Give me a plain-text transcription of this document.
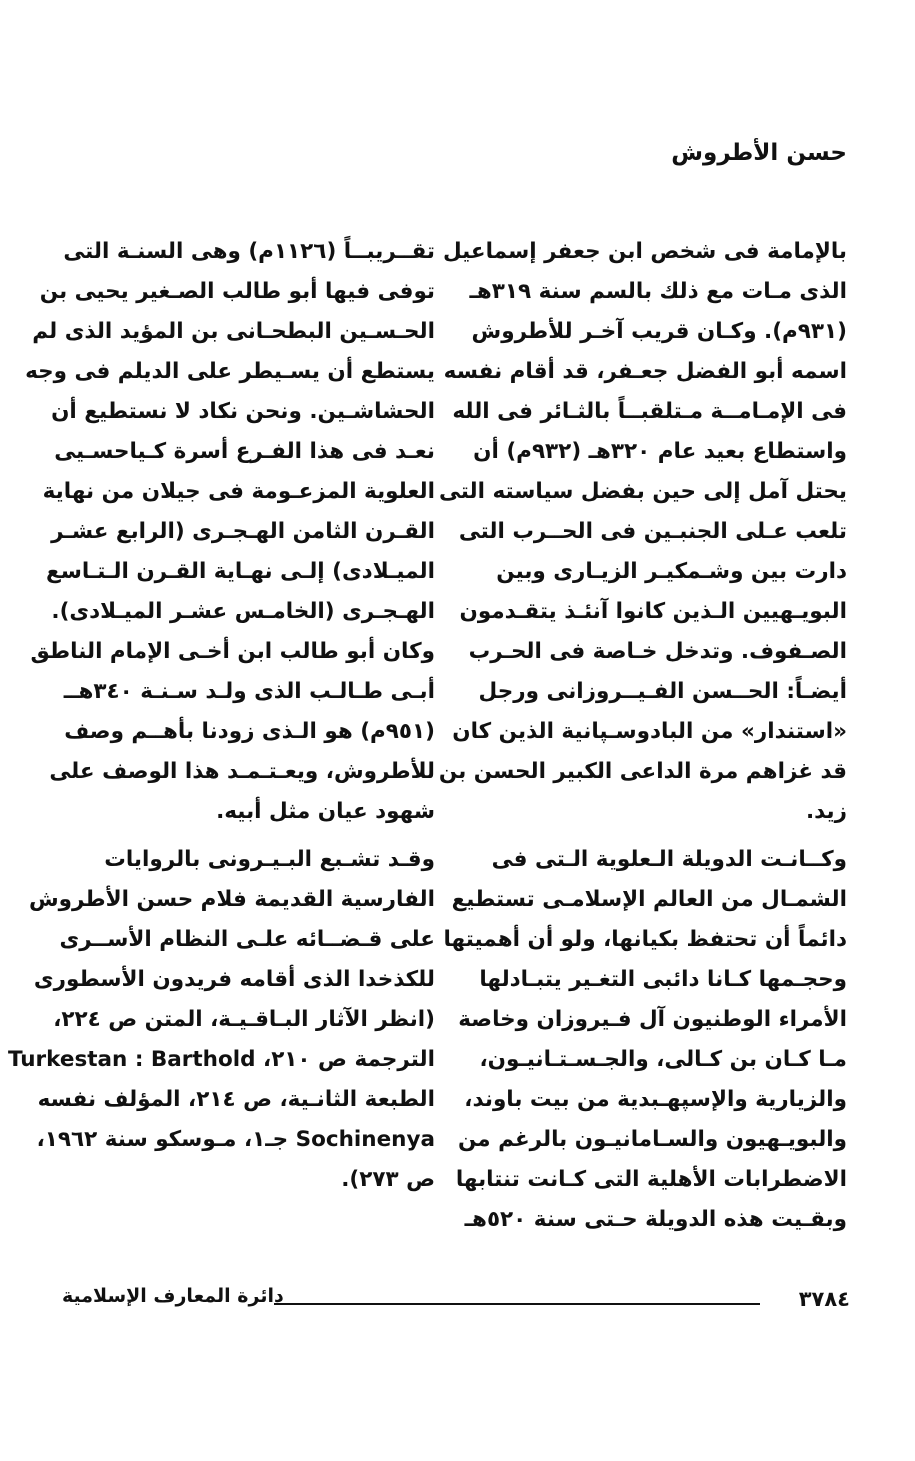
حسن الأطروش
بالإمامة فى شخص ابن جعفر إسماعيل
الذى مـات مع ذلك بالسم سنة ٣١٩هـ
(٩٣١م). وكـان قريب آخـر للأطروش
اسمه أبو الفضل جعـفر، قد أقام نفسه
فى الإمـامــة مـتلقبــاً بالثـائر فى الله
واستطاع بعيد عام ٣٢٠هـ (٩٣٢م) أن
يحتل آمل إلى حين بفضل سياسته التى
تلعب عـلى الجنبـين فى الحــرب التى
دارت بين وشـمكيـر الزيـارى وبين
البويـهيين الـذين كانوا آنئـذ يتقـدمون
الصـفوف. وتدخل خـاصة فى الحـرب
أيضـاً: الحــسن الفـيــروزانى ورجل
«استندار» من البادوسـپانية الذين كان
قد غزاهم مرة الداعى الكبير الحسن بن
زيد.
وكــانـت الدويلة الـعلوية الـتى فى
الشمـال من العالم الإسلامـى تستطيع
دائماً أن تحتفظ بكيانها، ولو أن أهميتها
وحجـمها كـانا دائبى التغـير يتبـادلها
الأمراء الوطنيون آل فـيروزان وخاصة
مـا كـان بن كـالى، والجـسـتـانيـون،
والزيارية والإسپهـبدية من بيت باوند،
والبويـهيون والسـامانيـون بالرغم من
الاضطرابات الأهلية التى كـانت تنتابها
وبقـيت هذه الدويلة حـتى سنة ٥٢٠هـ
تقــريبــاً (١١٢٦م) وهى السنـة التى
توفى فيها أبو طالب الصـغير يحيى بن
الحـسـين البطحـانى بن المؤيد الذى لم
يستطع أن يسـيطر على الديلم فى وجه
الحشاشـين. ونحن نكاد لا نستطيع أن
نعـد فى هذا الفـرع أسرة كـياحسـيى
العلوية المزعـومة فى جيلان من نهاية
القـرن الثامن الهـجـرى (الرابع عشـر
الميـلادى) إلـى نهـاية القـرن الـتـاسع
الهـجـرى (الخامـس عشـر الميـلادى).
وكان أبو طالب ابن أخـى الإمام الناطق
أبـى طـالـب الذى ولـد سـنـة ٣٤٠هــ
(٩٥١م) هو الـذى زودنا بأهــم وصف
للأطروش، ويعـتـمـد هذا الوصف على
شهود عيان مثل أبيه.
وقـد تشـبع البـيـرونى بالروايات
الفارسية القديمة فلام حسن الأطروش
على قـضــائه علـى النظام الأســرى
للكذخدا الذى أقامه فريدون الأسطورى
(انظر الآثار البـاقـيـة، المتن ص ٢٢٤،
الترجمة ص ٢١٠، Turkestan : Barthold
الطبعة الثانـية، ص ٢١٤، المؤلف نفسه
Sochinenya جـ١، مـوسكو سنة ١٩٦٢،
ص ٢٧٣).
٣٧٨٤
دائرة المعارف الإسلامية
